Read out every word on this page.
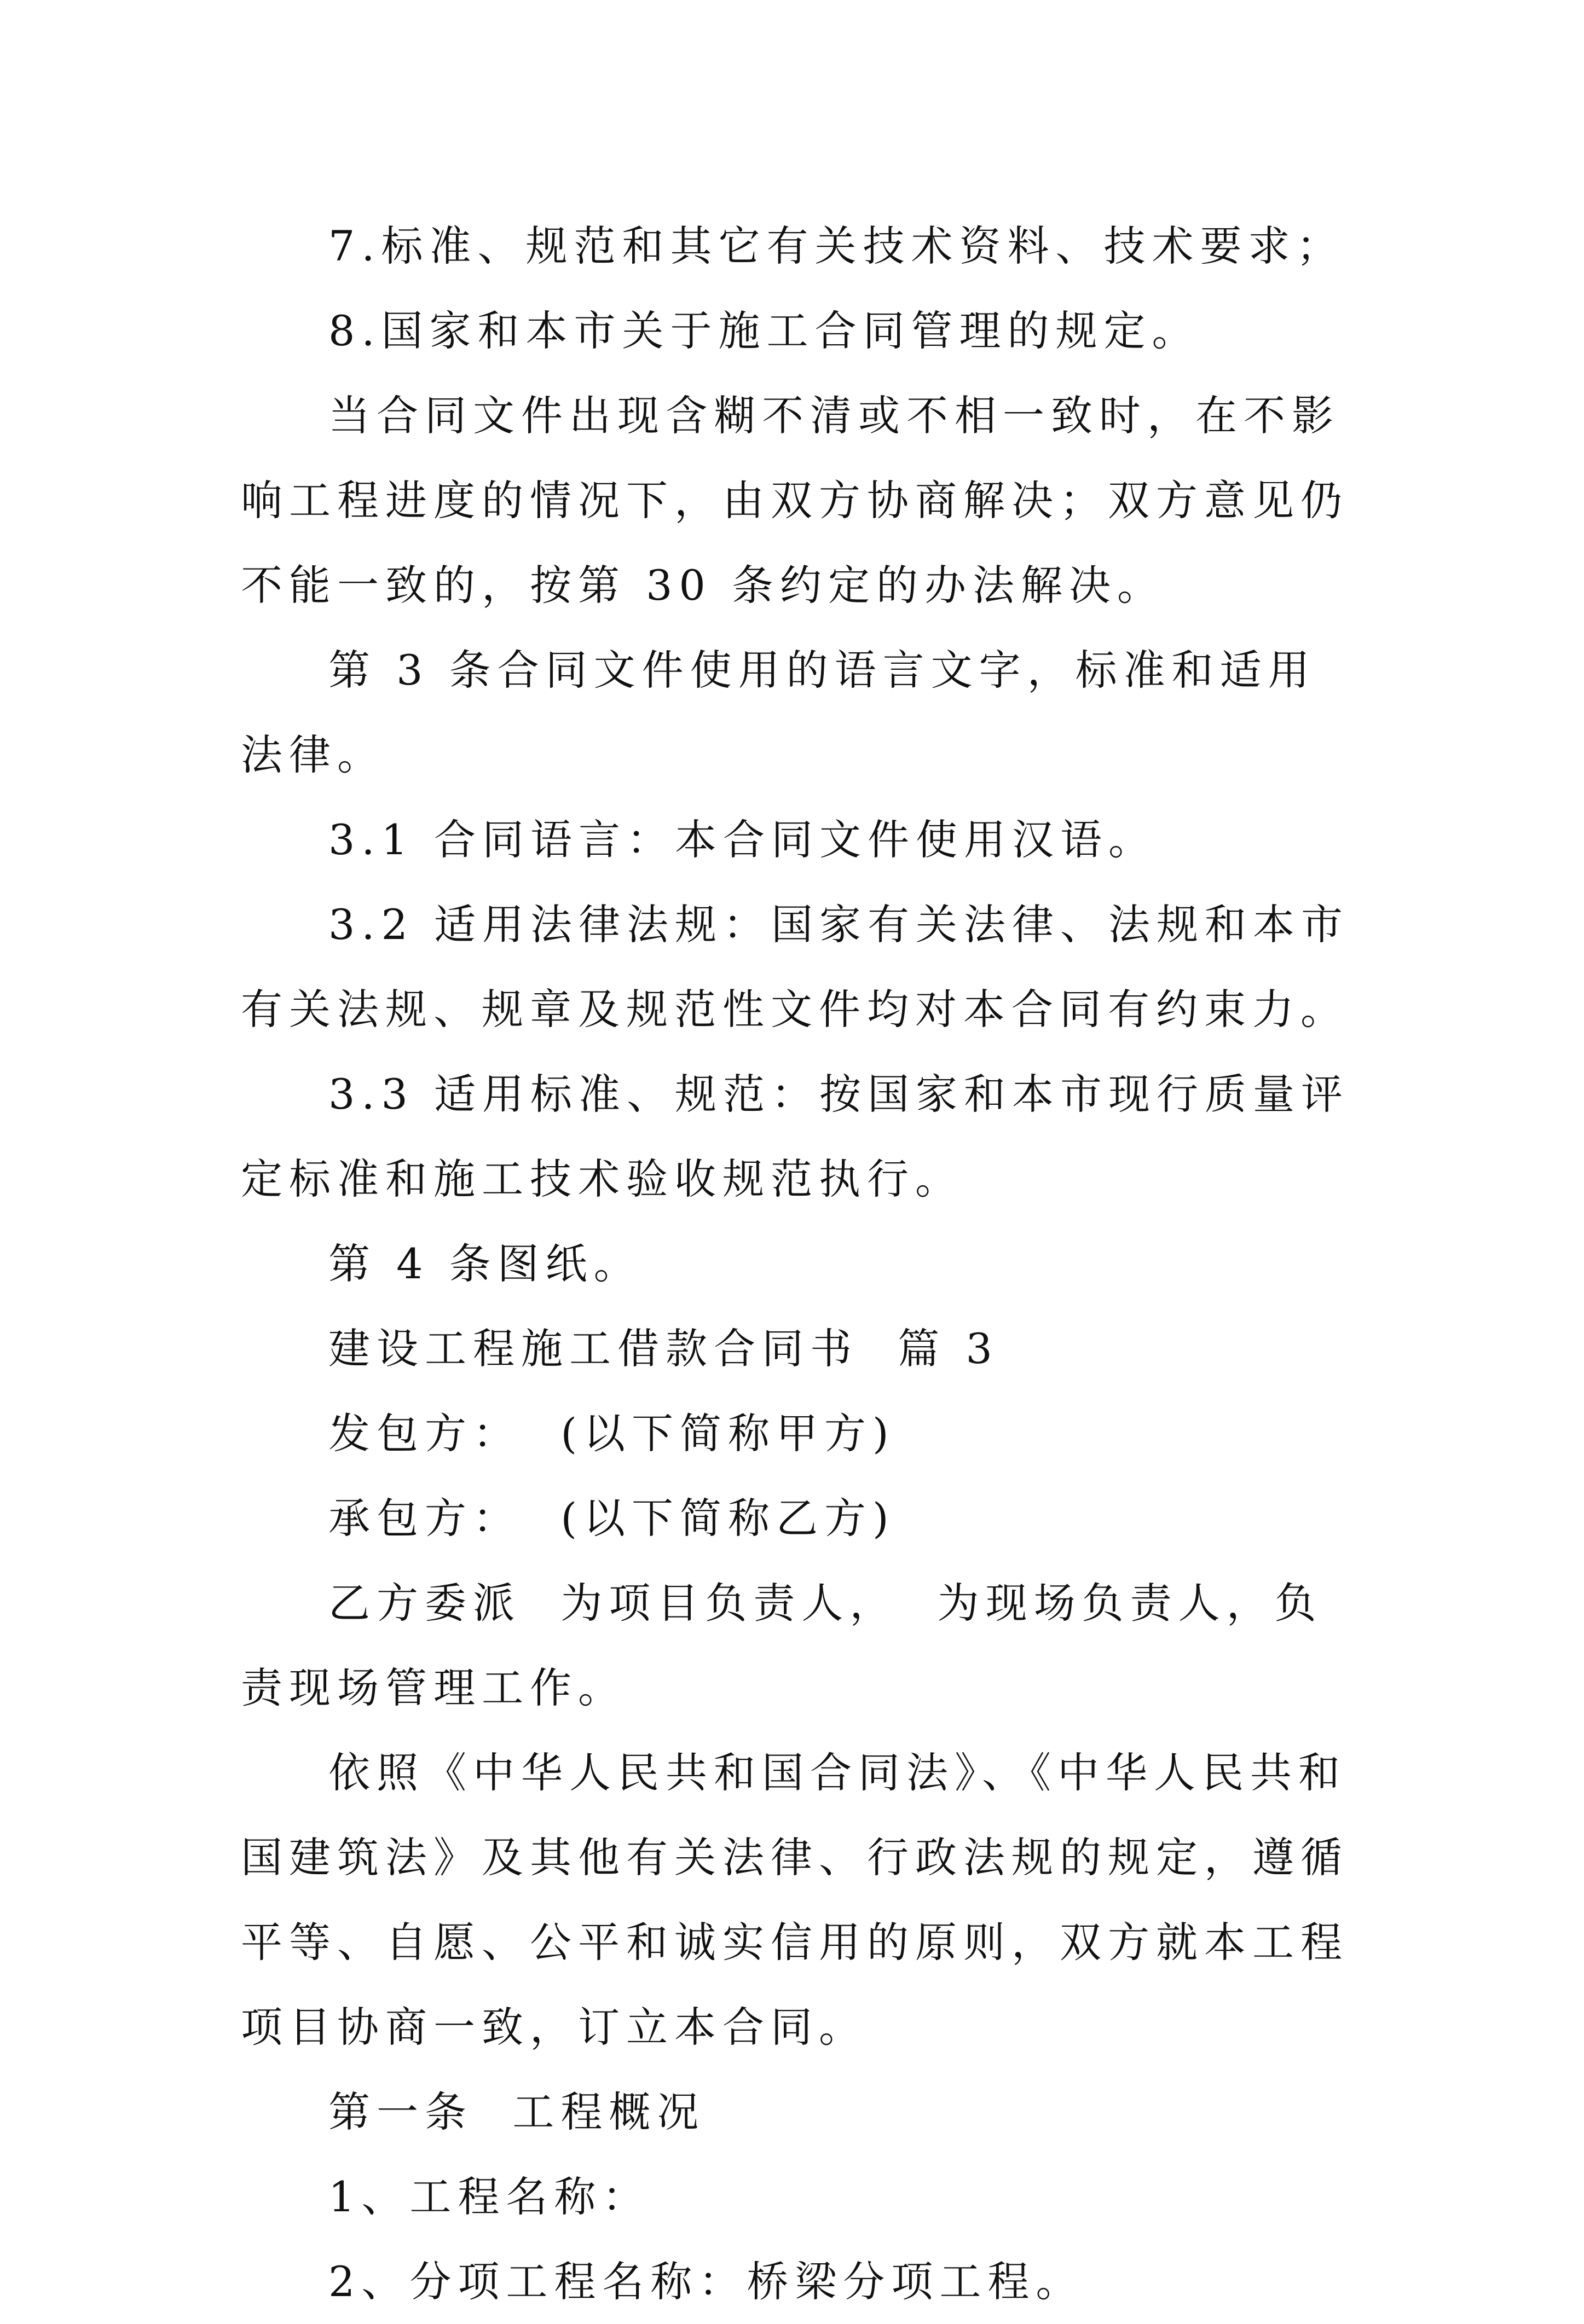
7.标准、规范和其它有关技术资料、技术要求；

8.国家和本市关于施工合同管理的规定。

当合同文件出现含糊不清或不相一致时，在不影响工程进度的情况下，由双方协商解决；双方意见仍不能一致的，按第 30 条约定的办法解决。

第 3 条合同文件使用的语言文字，标准和适用法律。

3.1 合同语言：本合同文件使用汉语。

3.2 适用法律法规：国家有关法律、法规和本市有关法规、规章及规范性文件均对本合同有约束力。

3.3 适用标准、规范：按国家和本市现行质量评定标准和施工技术验收规范执行。

第 4 条图纸。

建设工程施工借款合同书  篇 3

发包方：  (以下简称甲方)

承包方：  (以下简称乙方)

乙方委派  为项目负责人，  为现场负责人，负责现场管理工作。

依照《中华人民共和国合同法》、《中华人民共和国建筑法》及其他有关法律、行政法规的规定，遵循平等、自愿、公平和诚实信用的原则，双方就本工程项目协商一致，订立本合同。

第一条  工程概况

1、工程名称：

2、分项工程名称：桥梁分项工程。
